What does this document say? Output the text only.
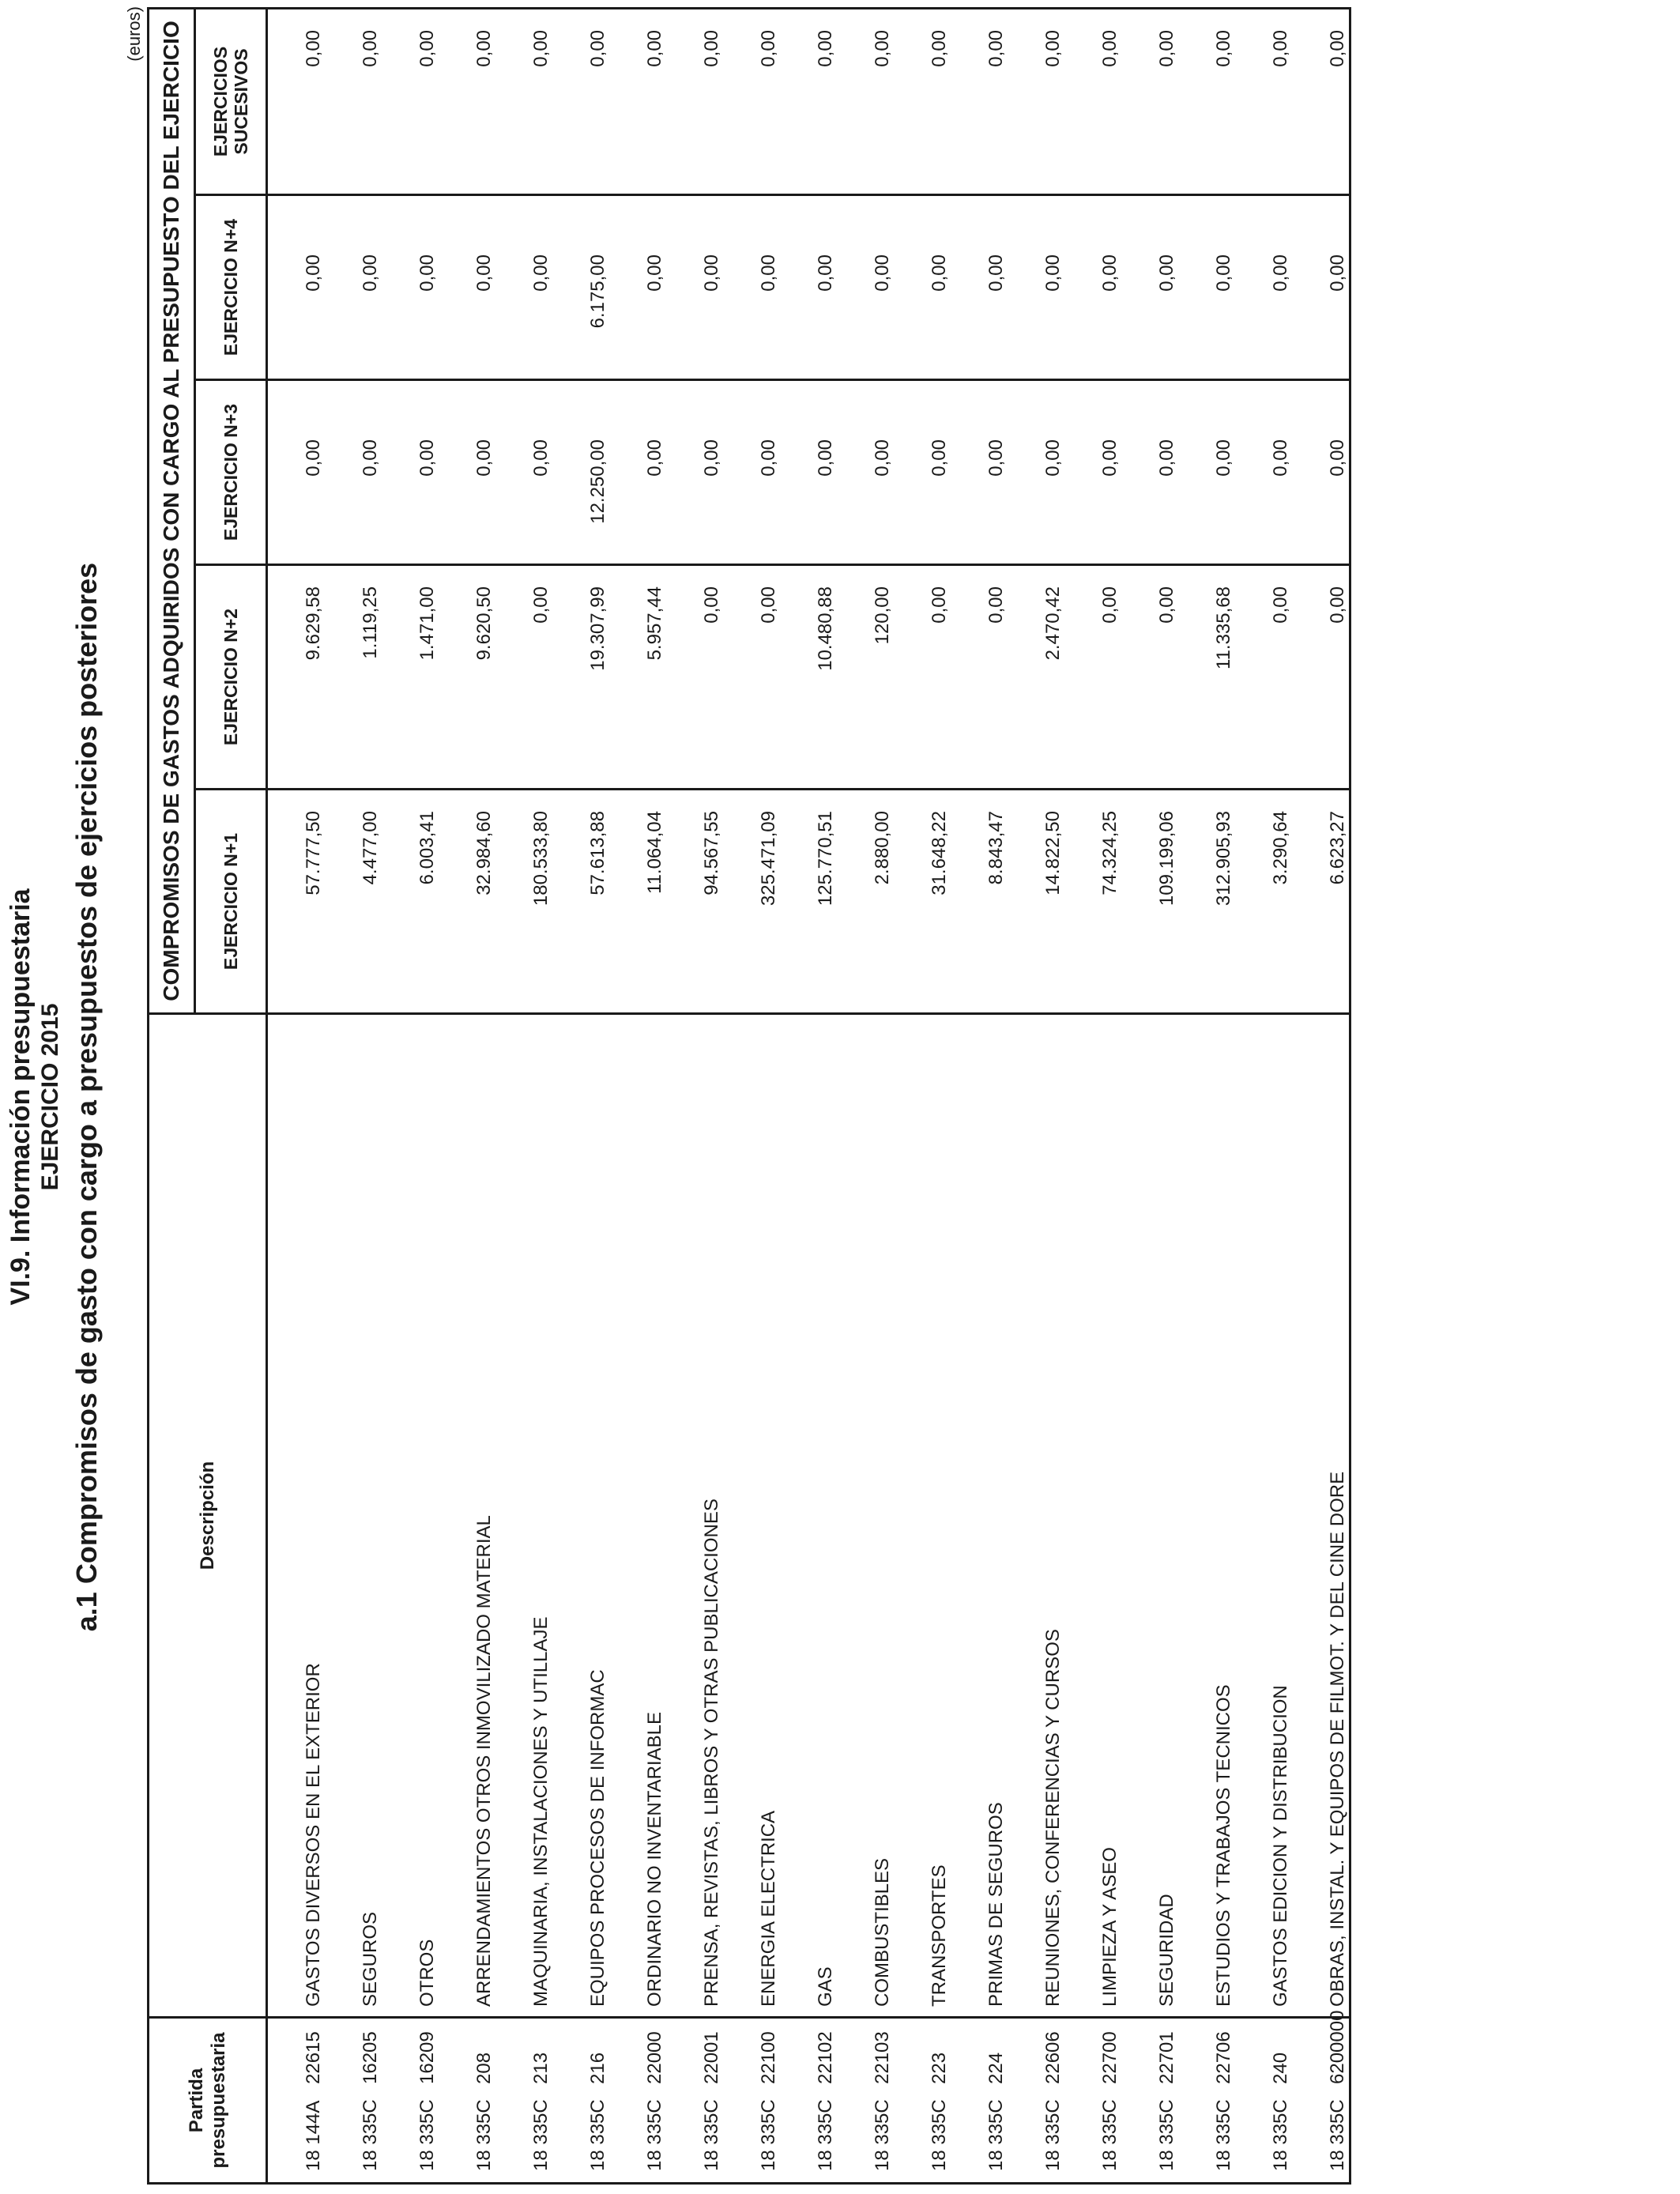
VI.9. Información presupuestaria EJERCICIO 2015 a.1 Compromisos de gasto con cargo a presupuestos de ejercicios posteriores
(euros)
Partida presupuestaria	Descripción	COMPROMISOS DE GASTOS ADQUIRIDOS CON CARGO AL PRESUPUESTO DEL EJERCICIO				
		EJERCICIO N+1	EJERCICIO N+2	EJERCICIO N+3	EJERCICIO N+4	EJERCICIOS
SUCESIVOS
18 144A22615	GASTOS DIVERSOS EN EL EXTERIOR	57.777,50	9.629,58	0,00	0,00	0,00
18 335C16205	SEGUROS	4.477,00	1.119,25	0,00	0,00	0,00
18 335C16209	OTROS	6.003,41	1.471,00	0,00	0,00	0,00
18 335C208	ARRENDAMIENTOS OTROS INMOVILIZADO MATERIAL	32.984,60	9.620,50	0,00	0,00	0,00
18 335C213	MAQUINARIA, INSTALACIONES Y UTILLAJE	180.533,80	0,00	0,00	0,00	0,00
18 335C216	EQUIPOS PROCESOS DE INFORMAC	57.613,88	19.307,99	12.250,00	6.175,00	0,00
18 335C22000	ORDINARIO NO INVENTARIABLE	11.064,04	5.957,44	0,00	0,00	0,00
18 335C22001	PRENSA, REVISTAS, LIBROS Y OTRAS PUBLICACIONES	94.567,55	0,00	0,00	0,00	0,00
18 335C22100	ENERGIA ELECTRICA	325.471,09	0,00	0,00	0,00	0,00
18 335C22102	GAS	125.770,51	10.480,88	0,00	0,00	0,00
18 335C22103	COMBUSTIBLES	2.880,00	120,00	0,00	0,00	0,00
18 335C223	TRANSPORTES	31.648,22	0,00	0,00	0,00	0,00
18 335C224	PRIMAS DE SEGUROS	8.843,47	0,00	0,00	0,00	0,00
18 335C22606	REUNIONES, CONFERENCIAS Y CURSOS	14.822,50	2.470,42	0,00	0,00	0,00
18 335C22700	LIMPIEZA Y ASEO	74.324,25	0,00	0,00	0,00	0,00
18 335C22701	SEGURIDAD	109.199,06	0,00	0,00	0,00	0,00
18 335C22706	ESTUDIOS Y TRABAJOS TECNICOS	312.905,93	11.335,68	0,00	0,00	0,00
18 335C240	GASTOS EDICION Y DISTRIBUCION	3.290,64	0,00	0,00	0,00	0,00
18 335C6200000	OBRAS, INSTAL. Y EQUIPOS DE FILMOT. Y DEL CINE DORE	6.623,27	0,00	0,00	0,00	0,00
